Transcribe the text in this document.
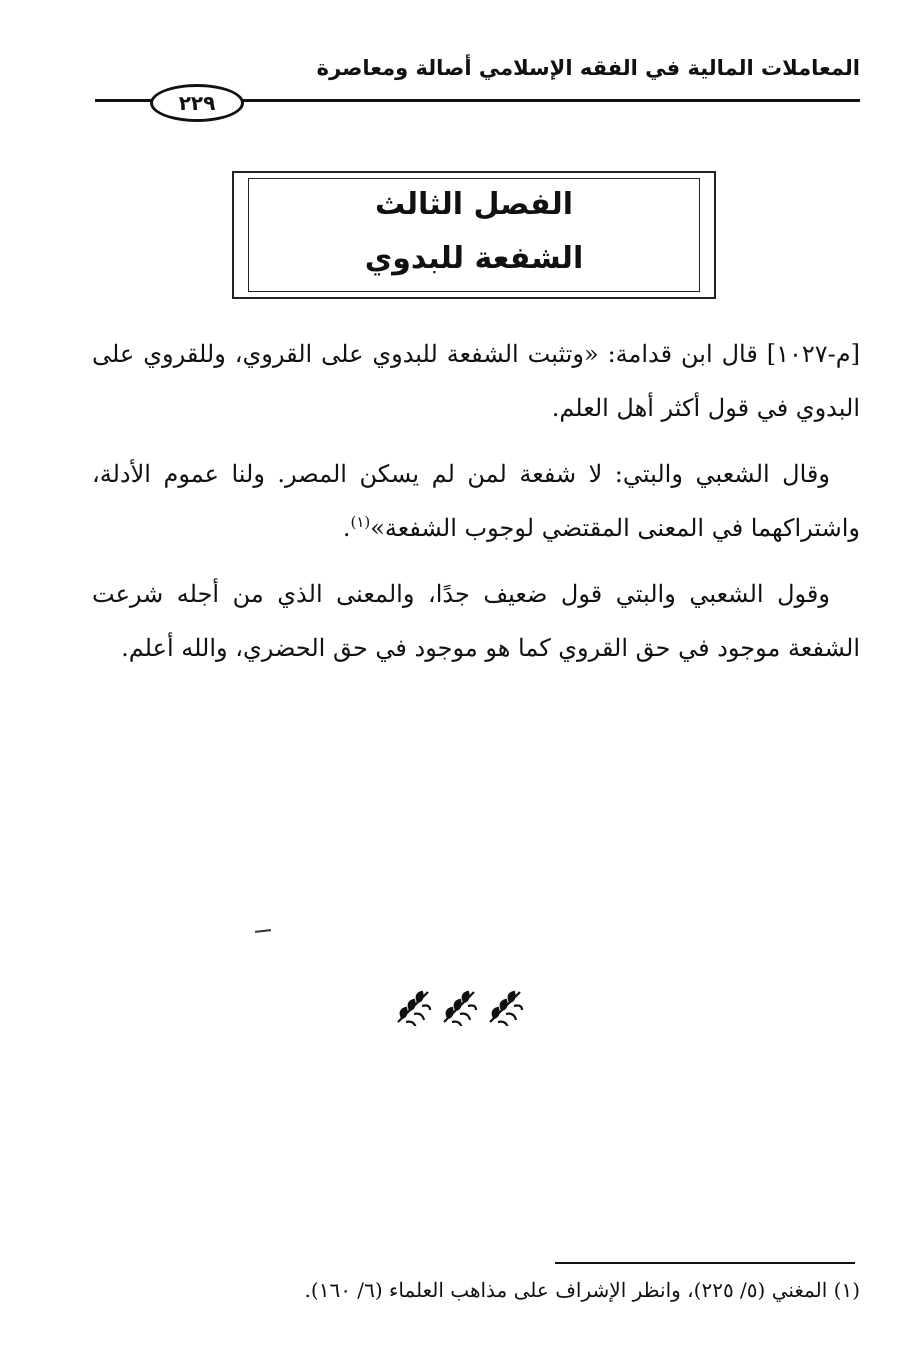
المعاملات المالية في الفقه الإسلامي أصالة ومعاصرة
٢٢٩
الفصل الثالث
الشفعة للبدوي

[م-١٠٢٧] قال ابن قدامة: «وتثبت الشفعة للبدوي على القروي، وللقروي على البدوي في قول أكثر أهل العلم.

وقال الشعبي والبتي: لا شفعة لمن لم يسكن المصر. ولنا عموم الأدلة، واشتراكهما في المعنى المقتضي لوجوب الشفعة»$^{(١)}$.

وقول الشعبي والبتي قول ضعيف جدًا، والمعنى الذي من أجله شرعت الشفعة موجود في حق القروي كما هو موجود في حق الحضري، والله أعلم.

(١) المغني (٥/ ٢٢٥)، وانظر الإشراف على مذاهب العلماء (٦/ ١٦٠).
